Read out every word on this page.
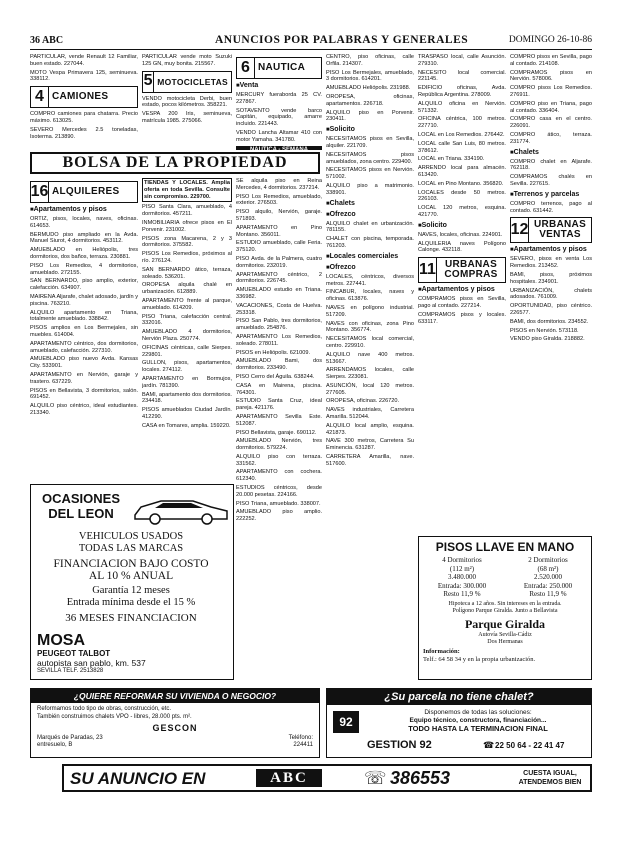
36 ABC	ANUNCIOS POR PALABRAS Y GENERALES	DOMINGO 26-10-86
PARTICULAR, vende Renault 12 Familiar, buen estado. 227044.
MOTO Vespa Primavera 125, seminueva. 338112.
4 CAMIONES
COMPRO camiones para chatarra. Precio máximo. 613025.
SEVERO Mercedes 2.5 toneladas, Isoterma. 213890.
PARTICULAR vende moto Suzuki 125 GN, muy bonita. 215567.
5 MOTOCICLETAS
VENDO motocicleta Derbi, buen estado, pocos kilómetros. 358221.
VESPA 200 Iris, seminueva, matrícula 1985. 275066.
6 NAUTICA
■ Venta
MERCURY fueraborda 25 CV. 227867.
SOTAVENTO vende barco Capitán, equipado, amarre incluido. 221443.
VENDO Lancha Altamar 410 con motor Yamaha. 341780.
NAUTICA - SEMANA
BOLSA DE LA PROPIEDAD
16 ALQUILERES
■ Apartamentos y pisos
ORTIZ, pisos, locales, naves, oficinas. 614653.
BERMUDO piso ampliado en la Avda. Manuel Siurot, 4 dormitorios. 453112.
AMUEBLADO en Heliópolis, tres dormitorios, dos baños, terraza. 230881.
PISO Los Remedios, 4 dormitorios, amueblado. 272155.
SAN BERNARDO, piso amplio, exterior, calefacción. 634907.
MAIRENA Aljarafe, chalet adosado, jardín y piscina. 763210.
ALQUILO apartamento en Triana, totalmente amueblado. 338842.
PISOS amplios en Los Bermejales, sin muebles. 614004.
APARTAMENTO céntrico, dos dormitorios, amueblado, calefacción. 227310.
AMUEBLADO piso nuevo Avda. Kansas City. 533901.
APARTAMENTO en Nervión, garaje y trastero. 637229.
PISOS en Bellavista, 3 dormitorios, salón. 691452.
ALQUILO piso céntrico, ideal estudiantes. 213340.
TIENDAS Y LOCALES. Amplia oferta en toda Sevilla. Consulte sin compromiso. 229700.
PISO Santa Clara, amueblado, 4 dormitorios. 457211.
INMOBILIARIA ofrece pisos en El Porvenir. 231002.
PISOS zona Macarena, 2 y 3 dormitorios. 375582.
PISOS Los Remedios, próximos al río. 276124.
SAN BERNARDO ático, terraza, soleado. 536201.
OROPESA alquila chalé en urbanización. 612889.
APARTAMENTO frente al parque, amueblado. 614209.
PISO Triana, calefacción central. 332016.
AMUEBLADO 4 dormitorios, Nervión Plaza. 250774.
OFICINAS céntricas, calle Sierpes. 229801.
GULLON, pisos, apartamentos, locales. 274112.
APARTAMENTO en Bormujos, jardín. 781390.
BAMI, apartamento dos dormitorios. 234418.
PISOS amueblados Ciudad Jardín. 412290.
CASA en Tomares, amplia. 159220.
SE alquila piso en Reina Mercedes, 4 dormitorios. 237214.
PISO Los Remedios, amueblado, exterior. 276503.
PISO alquilo, Nervión, garaje. 571893.
APARTAMENTO en Pino Montano. 356011.
ESTUDIO amueblado, calle Feria. 375120.
PISO Avda. de la Palmera, cuatro dormitorios. 232019.
APARTAMENTO céntrico, 2 dormitorios. 226745.
AMUEBLADO estudio en Triana. 336982.
VACACIONES, Costa de Huelva. 253318.
PISO San Pablo, tres dormitorios, amueblado. 254876.
APARTAMENTO Los Remedios, soleado. 278011.
PISOS en Heliópolis. 621009.
AMUEBLADO Bami, dos dormitorios. 233490.
PISO Cerro del Águila. 638244.
CASA en Mairena, piscina. 764301.
ESTUDIO Santa Cruz, ideal pareja. 421176.
APARTAMENTO Sevilla Este. 512087.
PISO Bellavista, garaje. 690112.
AMUEBLADO Nervión, tres dormitorios. 579224.
ALQUILO piso con terraza. 331562.
APARTAMENTO con cochera. 612340.
ESTUDIOS céntricos, desde 20.000 pesetas. 224166.
PISO Triana, amueblado. 338007.
AMUEBLADO piso amplio. 222252.
CENTRO, piso oficinas, calle Orfila. 214307.
PISO Los Bermejales, amueblado, 3 dormitorios. 614201.
AMUEBLADO Heliópolis. 231988.
OROPESA, oficinas, apartamentos. 226718.
ALQUILO piso en Porvenir. 230411.
■ Solicito
NECESITAMOS pisos en Sevilla, alquiler. 221709.
NECESITAMOS pisos amueblados, zona centro. 229400.
NECESITAMOS pisos en Nervión. 571002.
ALQUILO piso a matrimonio. 338901.
■ Chalets
■ Ofrezco
ALQUILO chalet en urbanización. 781155.
CHALET con piscina, temporada. 761203.
■ Locales comerciales
■ Ofrezco
LOCALES, céntricos, diversos metros. 227441.
FINCABUR, locales, naves y oficinas. 613876.
NAVES en polígono industrial. 517209.
NAVES con oficinas, zona Pino Montano. 356774.
NECESITAMOS local comercial, centro. 229910.
ALQUILO nave 400 metros. 513667.
ARRENDAMOS locales, calle Sierpes. 223081.
ASUNCIÓN, local 120 metros. 277605.
OROPESA, oficinas. 226720.
NAVES industriales, Carretera Amarilla. 512044.
ALQUILO local amplio, esquina. 421873.
NAVE 300 metros, Carretera Su Eminencia. 631287.
CARRETERA Amarilla, nave. 517600.
TRASPASO local, calle Asunción. 279310.
NECESITO local comercial. 221145.
EDIFICIO oficinas, Avda. República Argentina. 278009.
ALQUILO oficina en Nervión. 571332.
OFICINA céntrica, 100 metros. 227710.
LOCAL en Los Remedios. 276442.
LOCAL calle San Luis, 80 metros. 378612.
LOCAL en Triana. 334190.
ARRENDO local para almacén. 613420.
LOCAL en Pino Montano. 356820.
LOCALES desde 50 metros. 226103.
LOCAL 120 metros, esquina. 421770.
■ Solicito
NAVES, locales, oficinas. 224901.
ALQUILERIA naves Polígono Calonge. 432118.
11 URBANAS
COMPRAS
■ Apartamentos y pisos
COMPRAMOS pisos en Sevilla, pago al contado. 227214.
COMPRAMOS pisos y locales. 633117.
COMPRO pisos en Sevilla, pago al contado. 214108.
COMPRAMOS pisos en Nervión. 578006.
COMPRO pisos Los Remedios. 276911.
COMPRO piso en Triana, pago al contado. 336404.
COMPRO casa en el centro. 226091.
COMPRO ático, terraza. 231774.
■ Chalets
COMPRO chalet en Aljarafe. 762118.
COMPRAMOS chalés en Sevilla. 227615.
■ Terrenos y parcelas
COMPRO terrenos, pago al contado. 631442.
12 URBANAS
VENTAS
■ Apartamentos y pisos
SEVERO, pisos en venta Los Remedios. 213452.
BAMI, pisos, próximos hospitales. 234901.
URBANIZACIÓN, chalets adosados. 761009.
OPORTUNIDAD, piso céntrico. 226577.
BAMI, dos dormitorios. 234552.
PISOS en Nervión. 573118.
VENDO piso Giralda. 218882.
OCASIONES
DEL LEON
VEHICULOS USADOS
TODAS LAS MARCAS
FINANCIACION BAJO COSTO
AL 10 % ANUAL
Garantía 12 meses
Entrada mínima desde el 15 %
36 MESES FINANCIACION
MOSA
PEUGEOT TALBOT
autopista san pablo, km. 537
SEVILLA TELF. 2513828
PISOS LLAVE EN MANO
4 Dormitorios
(112 m²)
3.480.000
Entrada: 300.000
Resto 11,9 %
2 Dormitorios
(68 m²)
2.520.000
Entrada: 250.000
Resto 11,9 %
Hipoteca a 12 años. Sin intereses en la entrada.
Polígono Parque Giralda. Junto a Bellavista
Parque Giralda
Autovía Sevilla-Cádiz
Dos Hermanas
Información:
Telf.: 64 58 34 y en la propia urbanización.
¿QUIERE REFORMAR SU VIVIENDA O NEGOCIO?
Reformamos todo tipo de obras, construcción, etc.
También construimos chalets VPO - libres, 28.000 pts. m².
GESCON
Marqués de Paradas, 23
entresuelo, B
Teléfono:
224411
¿Su parcela no tiene chalet?
92
Disponemos de todas las soluciones:
Equipo técnico, constructora, financiación...
TODO HASTA LA TERMINACION FINAL
GESTION 92	☎ 22 50 64 - 22 41 47
SU ANUNCIO EN	ABC	☏ 386553	CUESTA IGUAL,
ATENDEMOS BIEN
